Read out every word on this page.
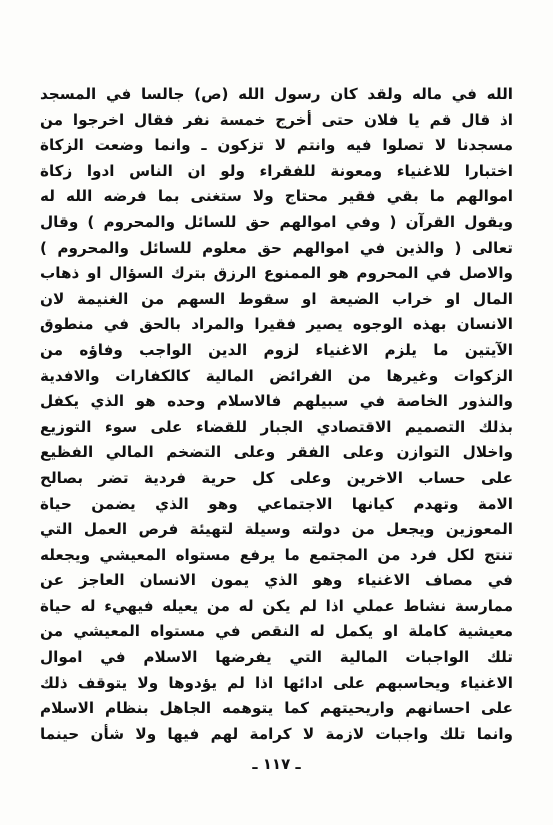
الله في ماله ولقد كان رسول الله (ص) جالسا في المسجد
اذ قال قم يا فلان حتى أخرج خمسة نفر فقال اخرجوا من
مسجدنا لا تصلوا فيه وانتم لا تزكون ـ وانما وضعت الزكاة
اختبارا للاغنياء ومعونة للفقراء ولو ان الناس ادوا زكاة
اموالهم ما بقي فقير محتاج ولا ستغنى بما فرضه الله له
ويقول القرآن ( وفي اموالهم حق للسائل والمحروم ) وقال
تعالى ( والذين في اموالهم حق معلوم للسائل والمحروم )
والاصل في المحروم هو الممنوع الرزق بترك السؤال او ذهاب
المال او خراب الضيعة او سقوط السهم من الغنيمة لان
الانسان بهذه الوجوه يصير فقيرا والمراد بالحق في منطوق
الآيتين ما يلزم الاغنياء لزوم الدين الواجب وفاؤه من
الزكوات وغيرها من الفرائض المالية كالكفارات والافدية
والنذور الخاصة في سبيلهم فالاسلام وحده هو الذي يكفل
بذلك التصميم الاقتصادي الجبار للقضاء على سوء التوزيع
واخلال التوازن وعلى الفقر وعلى التضخم المالي الفظيع
على حساب الاخرين وعلى كل حرية فردية تضر بصالح
الامة وتهدم كيانها الاجتماعي وهو الذي يضمن حياة
المعوزين ويجعل من دولته وسيلة لتهيئة فرص العمل التي
تنتج لكل فرد من المجتمع ما يرفع مستواه المعيشي ويجعله
في مصاف الاغنياء وهو الذي يمون الانسان العاجز عن
ممارسة نشاط عملي اذا لم يكن له من يعيله فيهيء له حياة
معيشية كاملة او يكمل له النقص في مستواه المعيشي من
تلك الواجبات المالية التي يفرضها الاسلام في اموال
الاغنياء ويحاسبهم على ادائها اذا لم يؤدوها ولا يتوقف ذلك
على احسانهم واريحيتهم كما يتوهمه الجاهل بنظام الاسلام
وانما تلك واجبات لازمة لا كرامة لهم فيها ولا شأن حينما
ـ ١١٧ ـ
